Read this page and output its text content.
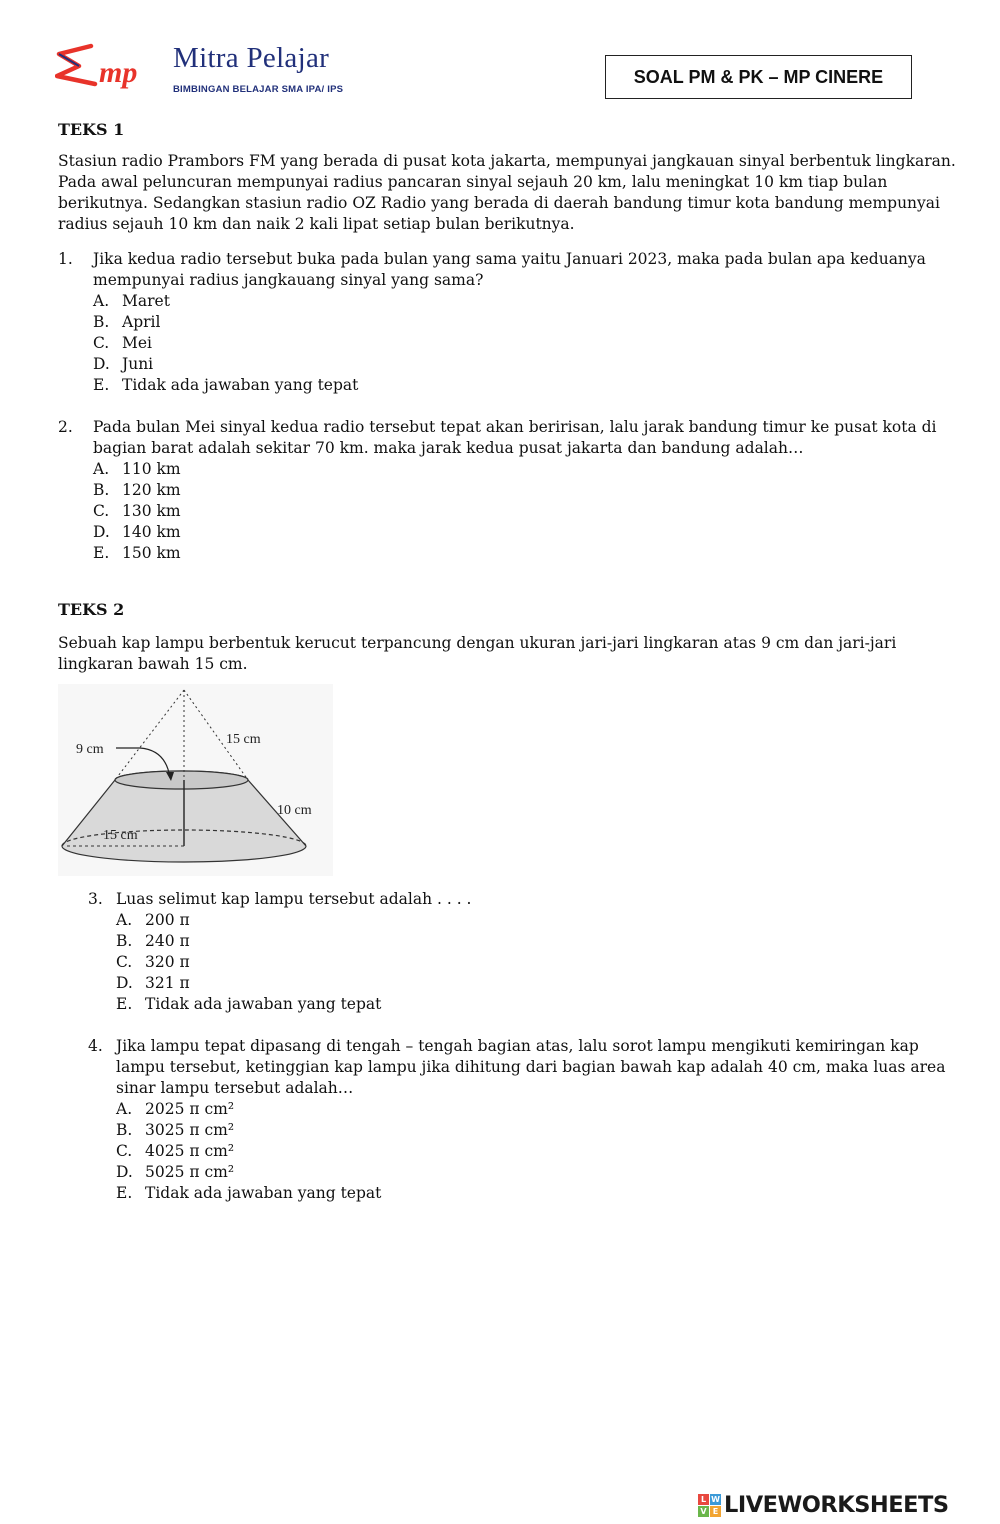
mp Mitra Pelajar
BIMBINGAN BELAJAR SMA IPA/ IPS
SOAL PM & PK – MP CINERE
TEKS 1
Stasiun radio Prambors FM yang berada di pusat kota jakarta, mempunyai jangkauan sinyal berbentuk lingkaran.
Pada awal peluncuran mempunyai radius pancaran sinyal sejauh 20 km, lalu meningkat 10 km tiap bulan
berikutnya. Sedangkan stasiun radio OZ Radio yang berada di daerah bandung timur kota bandung mempunyai
radius sejauh 10 km dan naik 2 kali lipat setiap bulan berikutnya.
1. Jika kedua radio tersebut buka pada bulan yang sama yaitu Januari 2023, maka pada bulan apa keduanya
mempunyai radius jangkauang sinyal yang sama?
A. Maret
B. April
C. Mei
D. Juni
E. Tidak ada jawaban yang tepat
2. Pada bulan Mei sinyal kedua radio tersebut tepat akan beririsan, lalu jarak bandung timur ke pusat kota di
bagian barat adalah sekitar 70 km. maka jarak kedua pusat jakarta dan bandung adalah…
A. 110 km
B. 120 km
C. 130 km
D. 140 km
E. 150 km
TEKS 2
Sebuah kap lampu berbentuk kerucut terpancung dengan ukuran jari-jari lingkaran atas 9 cm dan jari-jari
lingkaran bawah 15 cm.
9 cm
15 cm
10 cm
15 cm
3. Luas selimut kap lampu tersebut adalah . . . .
A. 200 π
B. 240 π
C. 320 π
D. 321 π
E. Tidak ada jawaban yang tepat
4. Jika lampu tepat dipasang di tengah – tengah bagian atas, lalu sorot lampu mengikuti kemiringan kap
lampu tersebut, ketinggian kap lampu jika dihitung dari bagian bawah kap adalah 40 cm, maka luas area
sinar lampu tersebut adalah…
A. 2025 π cm²
B. 3025 π cm²
C. 4025 π cm²
D. 5025 π cm²
E. Tidak ada jawaban yang tepat
L W
V E LIVEWORKSHEETS
